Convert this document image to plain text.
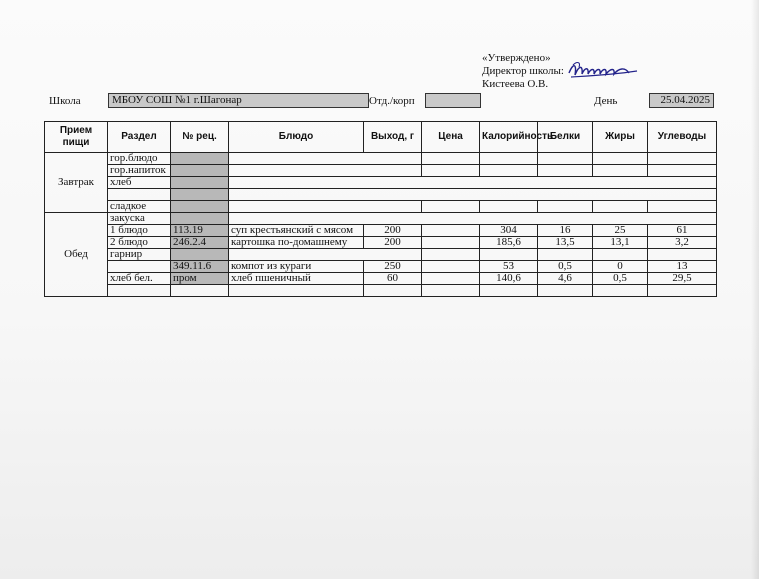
«Утверждено»
Директор школы:
Кистеева О.В.
Школа	МБОУ СОШ №1 г.Шагонар	Отд./корп	День	25.04.2025
Прием пищи	Раздел	№ рец.	Блюдо	Выход, г	Цена	Калорийность	Белки	Жиры	Углеводы
Завтрак	гор.блюдо								
	гор.напиток								
	хлеб								

	сладкое								
Обед	закуска								
	1 блюдо	113.19	суп крестьянский с мясом	200		304	16	25	61
	2 блюдо	246.2.4	картошка по-домашнему	200		185,6	13,5	13,1	3,2
	гарнир								
		349.11.6	компот из кураги	250		53	0,5	0	13
	хлеб бел.	пром	хлеб пшеничный	60		140,6	4,6	0,5	29,5
